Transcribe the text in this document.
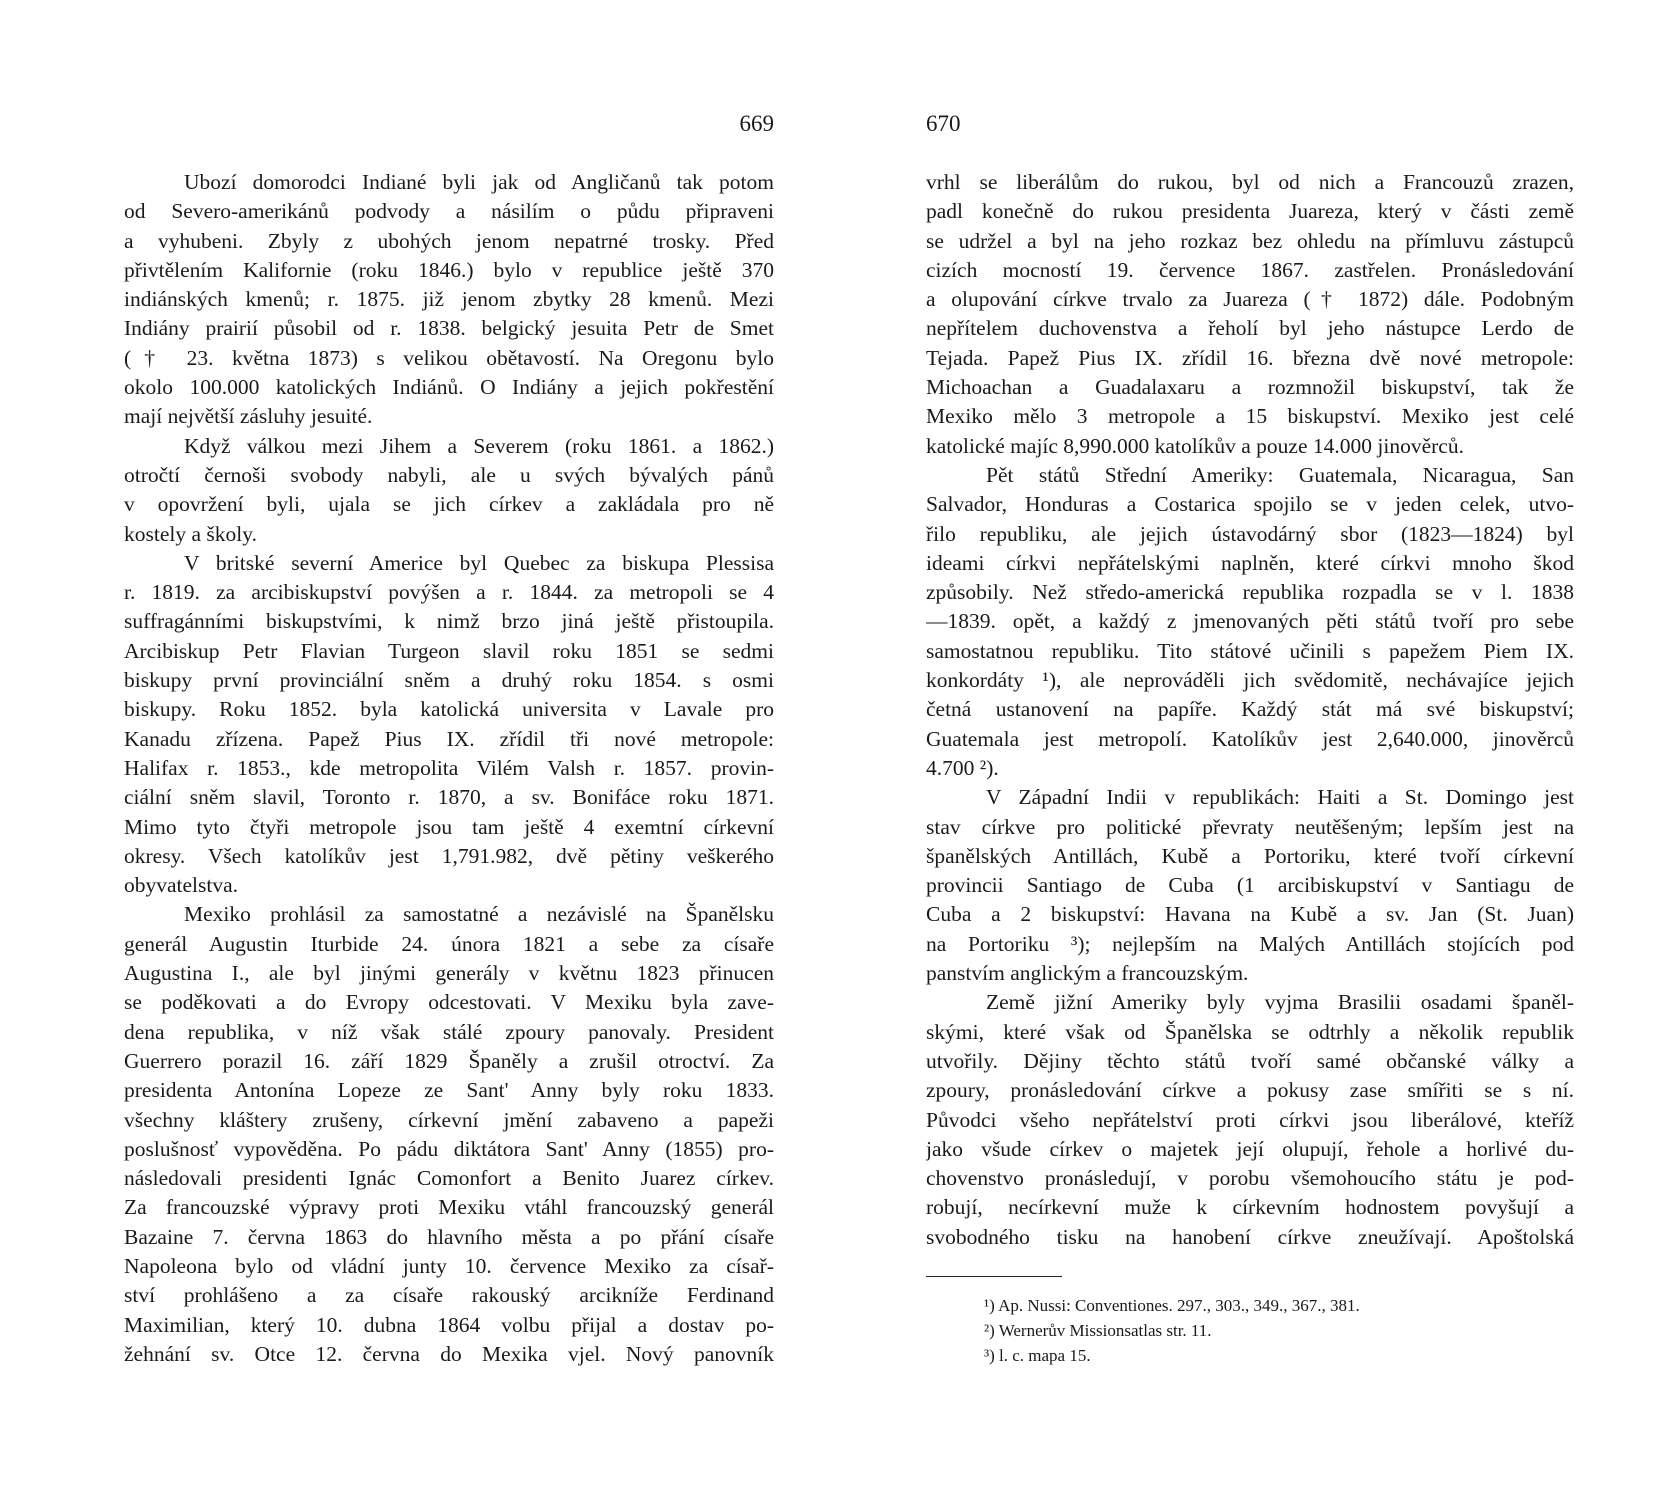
669
Ubozí domorodci Indiané byli jak od Angličanů tak potom
od Severo-amerikánů podvody a násilím o půdu připraveni
a vyhubeni. Zbyly z ubohých jenom nepatrné trosky. Před
přivtělením Kalifornie (roku 1846.) bylo v republice ještě 370
indiánských kmenů; r. 1875. již jenom zbytky 28 kmenů. Mezi
Indiány prairií působil od r. 1838. belgický jesuita Petr de Smet
(† 23. května 1873) s velikou obětavostí. Na Oregonu bylo
okolo 100.000 katolických Indiánů. O Indiány a jejich pokřestění
mají největší zásluhy jesuité.
Když válkou mezi Jihem a Severem (roku 1861. a 1862.)
otročtí černoši svobody nabyli, ale u svých bývalých pánů
v opovržení byli, ujala se jich církev a zakládala pro ně
kostely a školy.
V britské severní Americe byl Quebec za biskupa Plessisa
r. 1819. za arcibiskupství povýšen a r. 1844. za metropoli se 4
suffragánními biskupstvími, k nimž brzo jiná ještě přistoupila.
Arcibiskup Petr Flavian Turgeon slavil roku 1851 se sedmi
biskupy první provinciální sněm a druhý roku 1854. s osmi
biskupy. Roku 1852. byla katolická universita v Lavale pro
Kanadu zřízena. Papež Pius IX. zřídil tři nové metropole:
Halifax r. 1853., kde metropolita Vilém Valsh r. 1857. provin-
ciální sněm slavil, Toronto r. 1870, a sv. Bonifáce roku 1871.
Mimo tyto čtyři metropole jsou tam ještě 4 exemtní církevní
okresy. Všech katolíkův jest 1,791.982, dvě pětiny veškerého
obyvatelstva.
Mexiko prohlásil za samostatné a nezávislé na Španělsku
generál Augustin Iturbide 24. února 1821 a sebe za císaře
Augustina I., ale byl jinými generály v květnu 1823 přinucen
se poděkovati a do Evropy odcestovati. V Mexiku byla zave-
dena republika, v níž však stálé zpoury panovaly. President
Guerrero porazil 16. září 1829 Španěly a zrušil otroctví. Za
presidenta Antonína Lopeze ze Sant' Anny byly roku 1833.
všechny kláštery zrušeny, církevní jmění zabaveno a papeži
poslušnosť vypověděna. Po pádu diktátora Sant' Anny (1855) pro-
následovali presidenti Ignác Comonfort a Benito Juarez církev.
Za francouzské výpravy proti Mexiku vtáhl francouzský generál
Bazaine 7. června 1863 do hlavního města a po přání císaře
Napoleona bylo od vládní junty 10. července Mexiko za císař-
ství prohlášeno a za císaře rakouský arcikníže Ferdinand
Maximilian, který 10. dubna 1864 volbu přijal a dostav po-
žehnání sv. Otce 12. června do Mexika vjel. Nový panovník
670
vrhl se liberálům do rukou, byl od nich a Francouzů zrazen,
padl konečně do rukou presidenta Juareza, který v části země
se udržel a byl na jeho rozkaz bez ohledu na přímluvu zástupců
cizích mocností 19. července 1867. zastřelen. Pronásledování
a olupování církve trvalo za Juareza († 1872) dále. Podobným
nepřítelem duchovenstva a řeholí byl jeho nástupce Lerdo de
Tejada. Papež Pius IX. zřídil 16. března dvě nové metropole:
Michoachan a Guadalaxaru a rozmnožil biskupství, tak že
Mexiko mělo 3 metropole a 15 biskupství. Mexiko jest celé
katolické majíc 8,990.000 katolíkův a pouze 14.000 jinověrců.
Pět států Střední Ameriky: Guatemala, Nicaragua, San
Salvador, Honduras a Costarica spojilo se v jeden celek, utvo-
řilo republiku, ale jejich ústavodárný sbor (1823—1824) byl
ideami církvi nepřátelskými naplněn, které církvi mnoho škod
způsobily. Než středo-americká republika rozpadla se v l. 1838
—1839. opět, a každý z jmenovaných pěti států tvoří pro sebe
samostatnou republiku. Tito státové učinili s papežem Piem IX.
konkordáty ¹), ale neprováděli jich svědomitě, nechávajíce jejich
četná ustanovení na papíře. Každý stát má své biskupství;
Guatemala jest metropolí. Katolíkův jest 2,640.000, jinověrců
4.700 ²).
V Západní Indii v republikách: Haiti a St. Domingo jest
stav církve pro politické převraty neutěšeným; lepším jest na
španělských Antillách, Kubě a Portoriku, které tvoří církevní
provincii Santiago de Cuba (1 arcibiskupství v Santiagu de
Cuba a 2 biskupství: Havana na Kubě a sv. Jan (St. Juan)
na Portoriku ³); nejlepším na Malých Antillách stojících pod
panstvím anglickým a francouzským.
Země jižní Ameriky byly vyjma Brasilii osadami španěl-
skými, které však od Španělska se odtrhly a několik republik
utvořily. Dějiny těchto států tvoří samé občanské války a
zpoury, pronásledování církve a pokusy zase smířiti se s ní.
Původci všeho nepřátelství proti církvi jsou liberálové, kteříž
jako všude církev o majetek její olupují, řehole a horlivé du-
chovenstvo pronásledují, v porobu všemohoucího státu je pod-
robují, necírkevní muže k církevním hodnostem povyšují a
svobodného tisku na hanobení církve zneužívají. Apoštolská
¹) Ap. Nussi: Conventiones. 297., 303., 349., 367., 381.
²) Wernerův Missionsatlas str. 11.
³) l. c. mapa 15.
